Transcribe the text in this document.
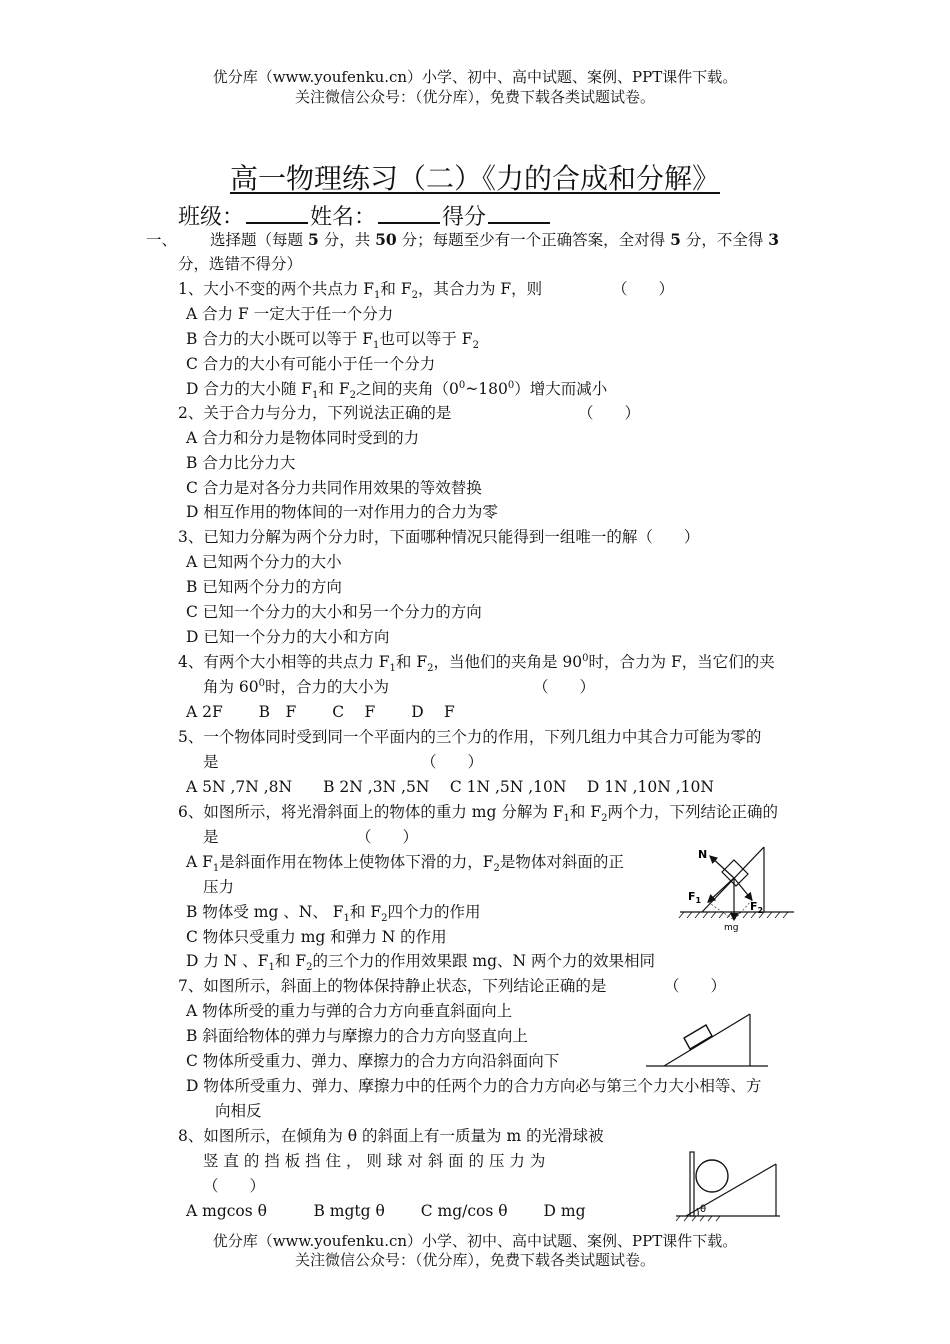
优分库（www.youfenku.cn）小学、初中、高中试题、案例、PPT课件下载。
关注微信公众号：（优分库），免费下载各类试题试卷。
高一物理练习（二）《力的合成和分解》
班级：	姓名：	得分
一、 选择题（每题 5 分，共 50 分；每题至少有一个正确答案，全对得 5 分，不全得 3
分，选错不得分）
1、大小不变的两个共点力 $F_1$和 $F_2$，其合力为 F，则	（　　）
A 合力 F 一定大于任一个分力
B 合力的大小既可以等于 $F_1$也可以等于 $F_2$
C 合力的大小有可能小于任一个分力
D 合力的大小随 $F_1$和 $F_2$之间的夹角$(0^0\sim 180^0)$增大而减小
2、关于合力与分力，下列说法正确的是	（　　）
A 合力和分力是物体同时受到的力
B 合力比分力大
C 合力是对各分力共同作用效果的等效替换
D 相互作用的物体间的一对作用力的合力为零
3、已知力分解为两个分力时，下面哪种情况只能得到一组唯一的解（　　）
A 已知两个分力的大小
B 已知两个分力的方向
C 已知一个分力的大小和另一个分力的方向
D 已知一个分力的大小和方向
4、有两个大小相等的共点力 $F_1$和 $F_2$，当他们的夹角是 $90^0$时，合力为 F，当它们的夹
角为 $60^0$时，合力的大小为	（　　）
A 2F　　 B　F　　 C　 F　　 D　 F
5、一个物体同时受到同一个平面内的三个力的作用，下列几组力中其合力可能为零的
是	（　　）
A 5N ,7N ,8N　　B 2N ,3N ,5N　 C 1N ,5N ,10N　 D 1N ,10N ,10N
6、如图所示，将光滑斜面上的物体的重力 mg 分解为 $F_1$和 $F_2$两个力，下列结论正确的
是	（　　）
A $F_1$是斜面作用在物体上使物体下滑的力，$F_2$是物体对斜面的正
压力
B 物体受 mg 、N、 $F_1$和 $F_2$四个力的作用
C 物体只受重力 mg 和弹力 N 的作用
D 力 N 、$F_1$和 $F_2$的三个力的作用效果跟 mg、N 两个力的效果相同
N
$F_1$	$F_2$
mg
7、如图所示，斜面上的物体保持静止状态，下列结论正确的是	（　　）
A 物体所受的重力与弹的合力方向垂直斜面向上
B 斜面给物体的弹力与摩擦力的合力方向竖直向上
C 物体所受重力、弹力、摩擦力的合力方向沿斜面向下
D 物体所受重力、弹力、摩擦力中的任两个力的合力方向必与第三个力大小相等、方
向相反
8、如图所示，在倾角为 θ 的斜面上有一质量为 m 的光滑球被
竖 直 的 挡 板 挡 住 ， 则 球 对 斜 面 的 压 力 为
（　　）
A mgcos θ　　　B mgtg θ　　 C mg/cos θ　　 D mg	θ
优分库（www.youfenku.cn）小学、初中、高中试题、案例、PPT课件下载。
关注微信公众号：（优分库），免费下载各类试题试卷。
